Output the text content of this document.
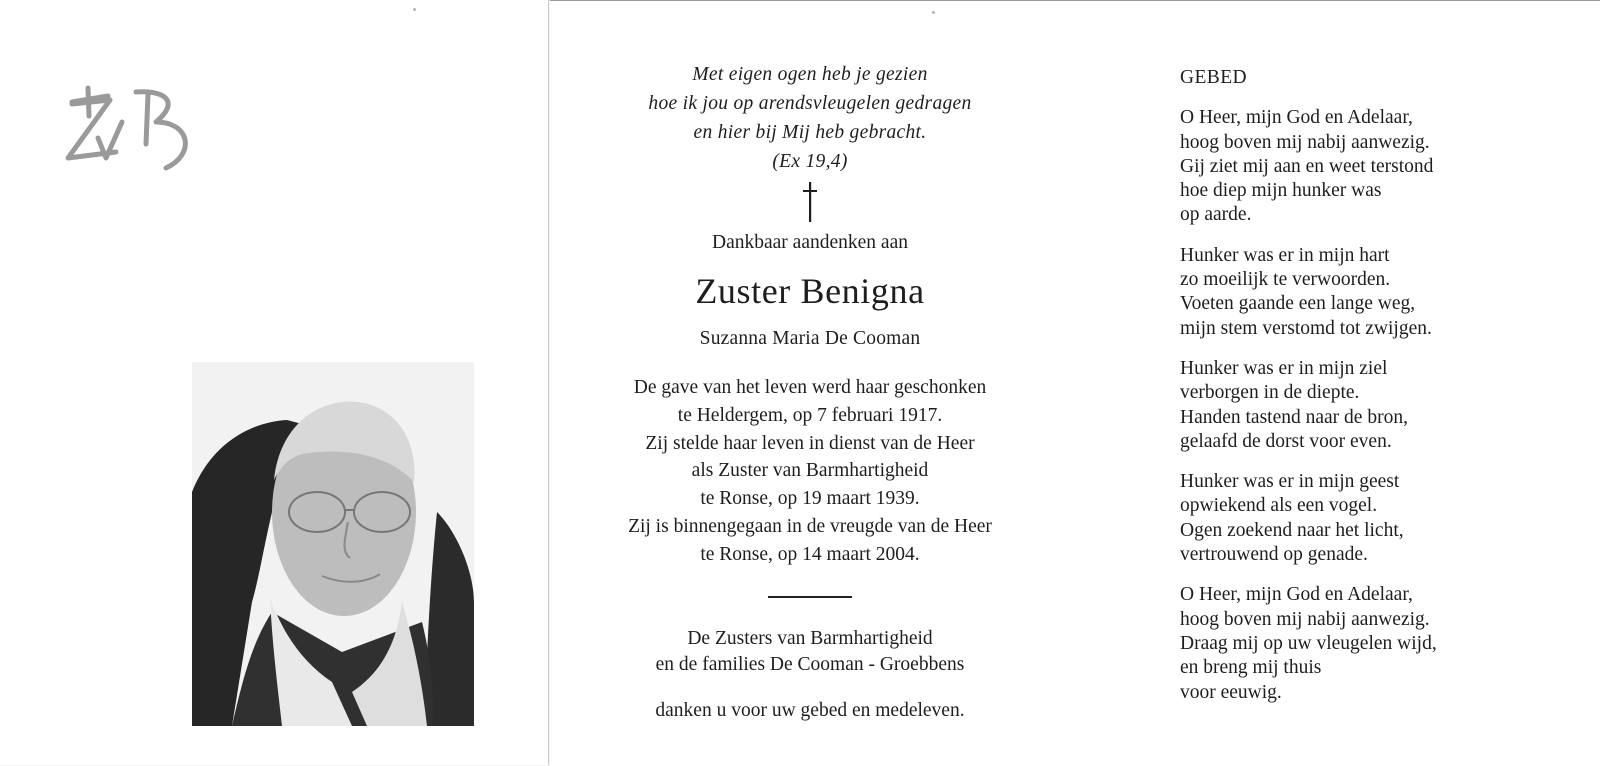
Met eigen ogen heb je gezien
hoe ik jou op arendsvleugelen gedragen
en hier bij Mij heb gebracht.
(Ex 19,4)
Dankbaar aandenken aan
Zuster Benigna
Suzanna Maria De Cooman
De gave van het leven werd haar geschonken
te Heldergem, op 7 februari 1917.
Zij stelde haar leven in dienst van de Heer
als Zuster van Barmhartigheid
te Ronse, op 19 maart 1939.
Zij is binnengegaan in de vreugde van de Heer
te Ronse, op 14 maart 2004.
De Zusters van Barmhartigheid
en de families De Cooman - Groebbens
danken u voor uw gebed en medeleven.
GEBED
O Heer, mijn God en Adelaar,
hoog boven mij nabij aanwezig.
Gij ziet mij aan en weet terstond
hoe diep mijn hunker was
op aarde.
Hunker was er in mijn hart
zo moeilijk te verwoorden.
Voeten gaande een lange weg,
mijn stem verstomd tot zwijgen.
Hunker was er in mijn ziel
verborgen in de diepte.
Handen tastend naar de bron,
gelaafd de dorst voor even.
Hunker was er in mijn geest
opwiekend als een vogel.
Ogen zoekend naar het licht,
vertrouwend op genade.
O Heer, mijn God en Adelaar,
hoog boven mij nabij aanwezig.
Draag mij op uw vleugelen wijd,
en breng mij thuis
voor eeuwig.
